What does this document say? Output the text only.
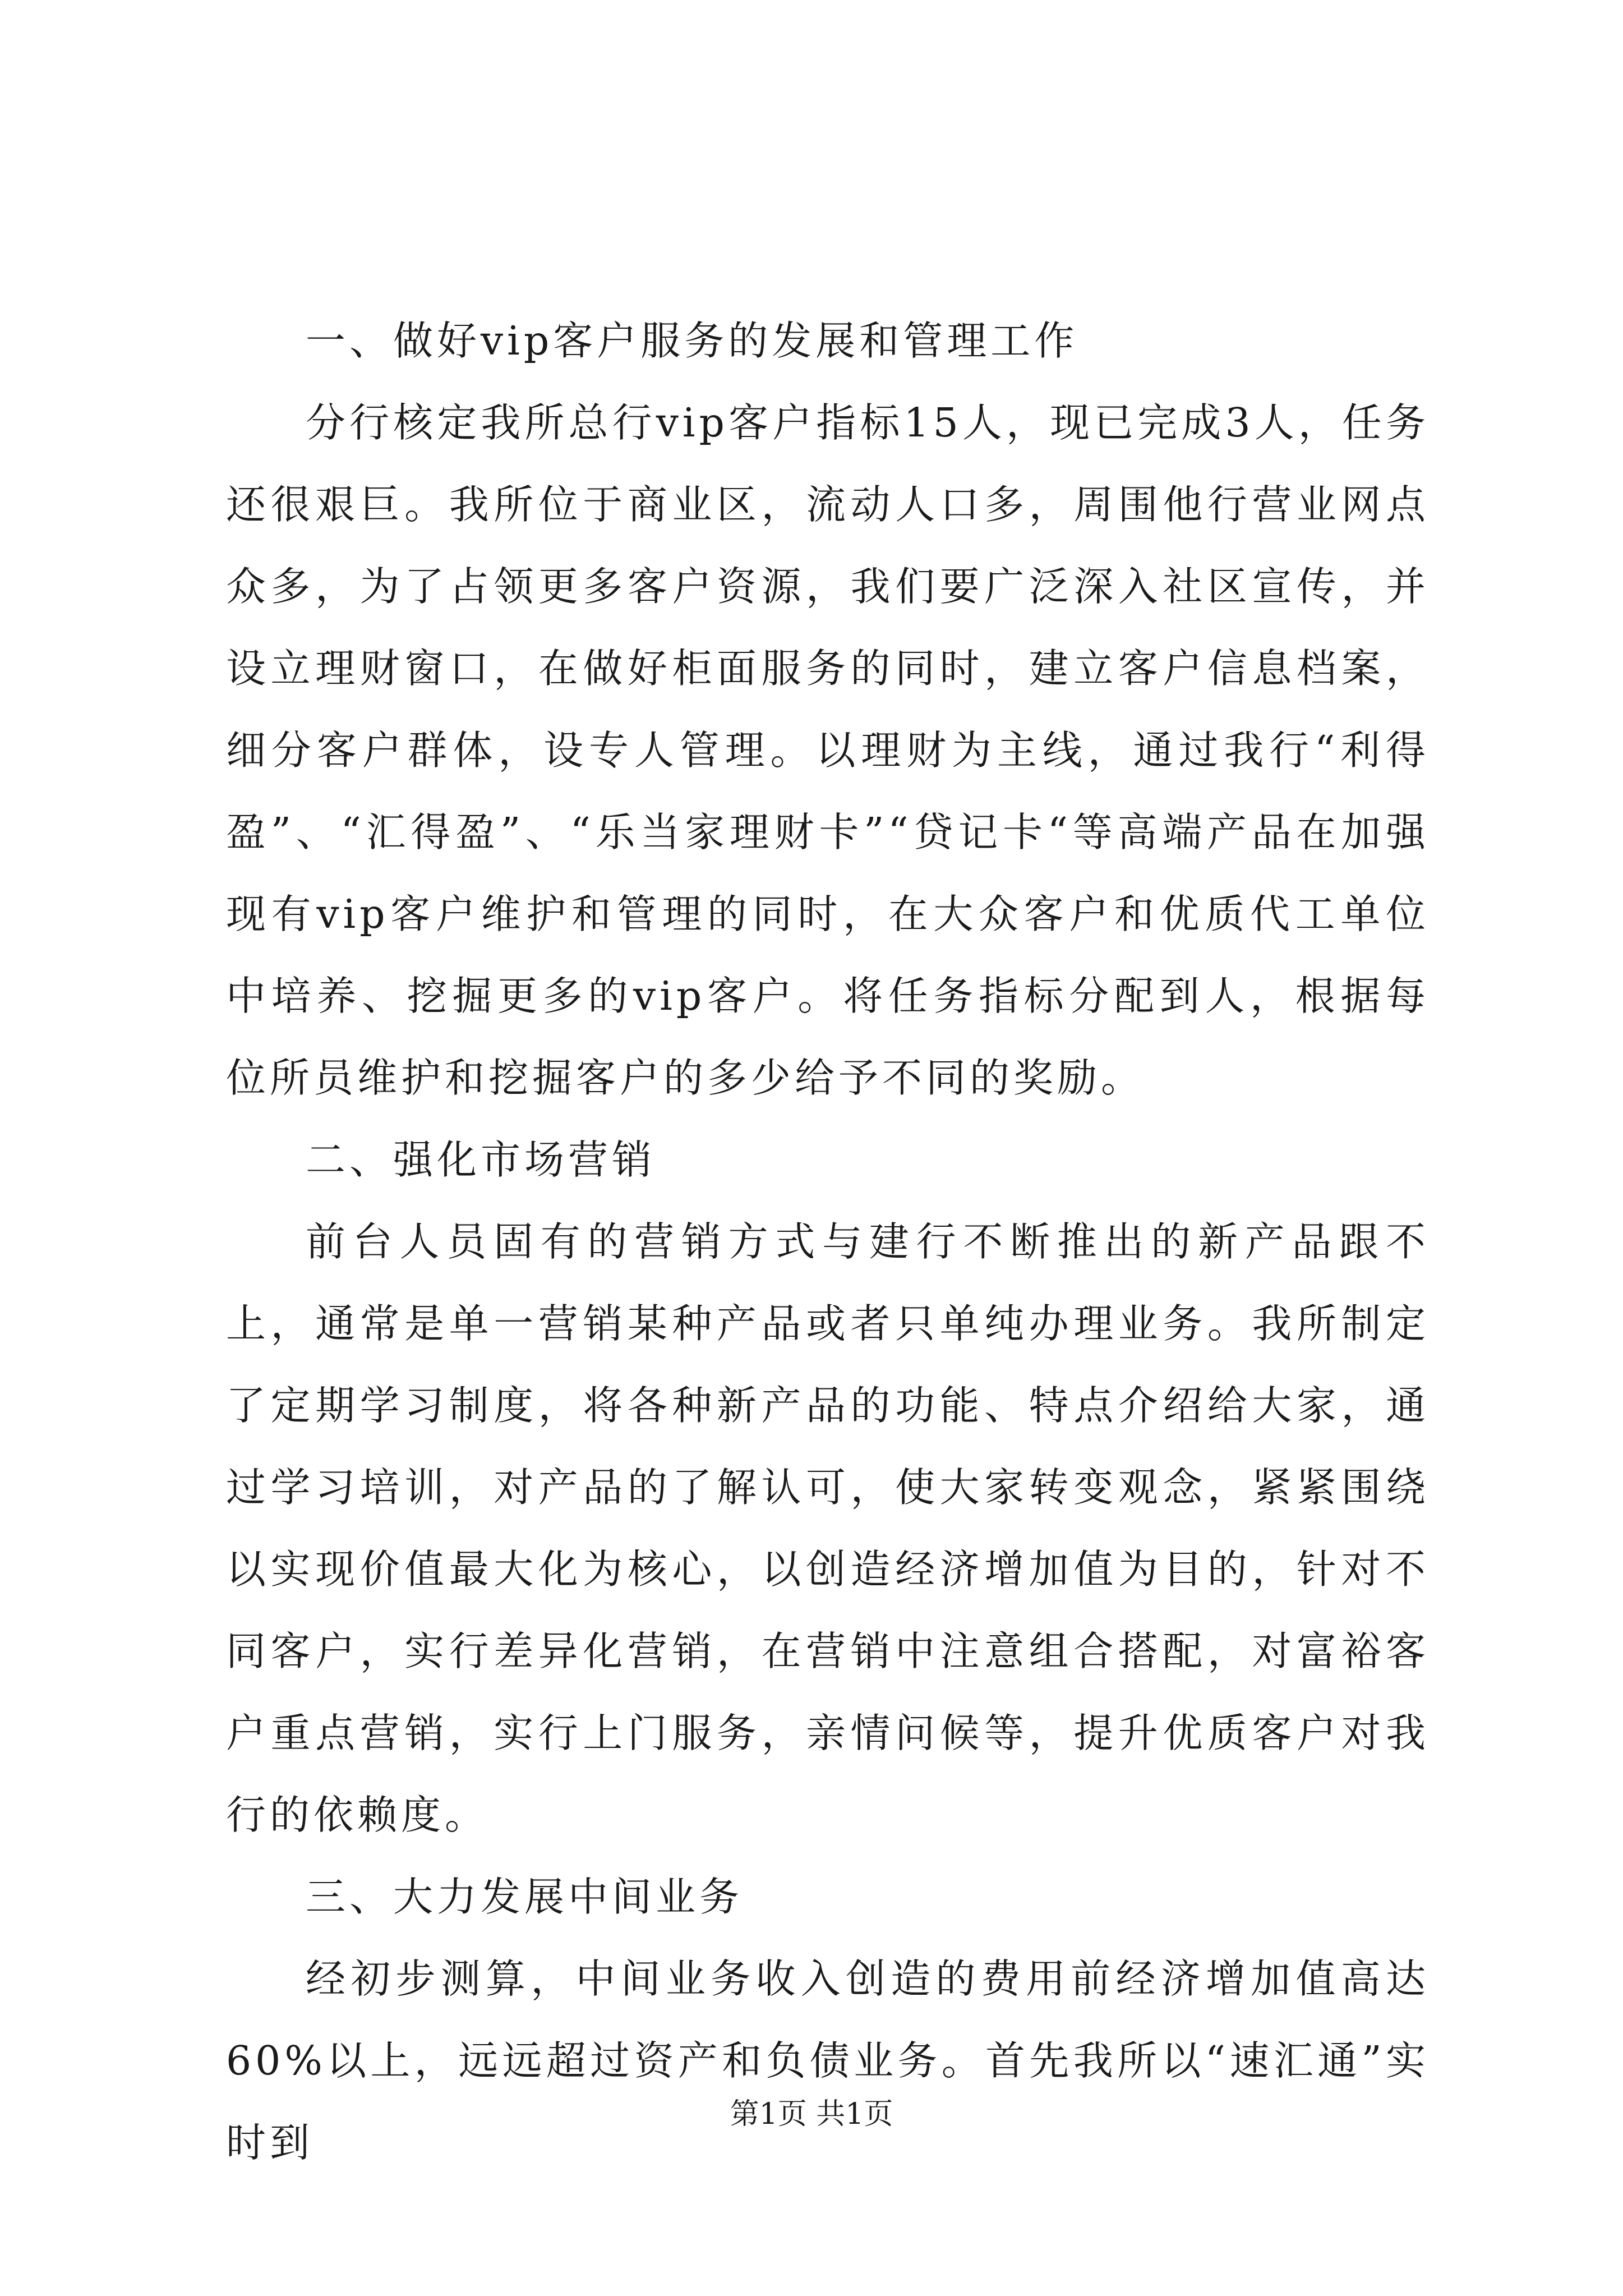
一、做好vip客户服务的发展和管理工作

分行核定我所总行vip客户指标15人，现已完成3人，任务还很艰巨。我所位于商业区，流动人口多，周围他行营业网点众多，为了占领更多客户资源，我们要广泛深入社区宣传，并设立理财窗口，在做好柜面服务的同时，建立客户信息档案，细分客户群体，设专人管理。以理财为主线，通过我行“利得盈”、“汇得盈”、“乐当家理财卡”“贷记卡“等高端产品在加强现有vip客户维护和管理的同时，在大众客户和优质代工单位中培养、挖掘更多的vip客户。将任务指标分配到人，根据每位所员维护和挖掘客户的多少给予不同的奖励。

二、强化市场营销

前台人员固有的营销方式与建行不断推出的新产品跟不上，通常是单一营销某种产品或者只单纯办理业务。我所制定了定期学习制度，将各种新产品的功能、特点介绍给大家，通过学习培训，对产品的了解认可，使大家转变观念，紧紧围绕以实现价值最大化为核心，以创造经济增加值为目的，针对不同客户，实行差异化营销，在营销中注意组合搭配，对富裕客户重点营销，实行上门服务，亲情问候等，提升优质客户对我行的依赖度。

三、大力发展中间业务

经初步测算，中间业务收入创造的费用前经济增加值高达60%以上，远远超过资产和负债业务。首先我所以“速汇通”实时到

第1页 共1页
